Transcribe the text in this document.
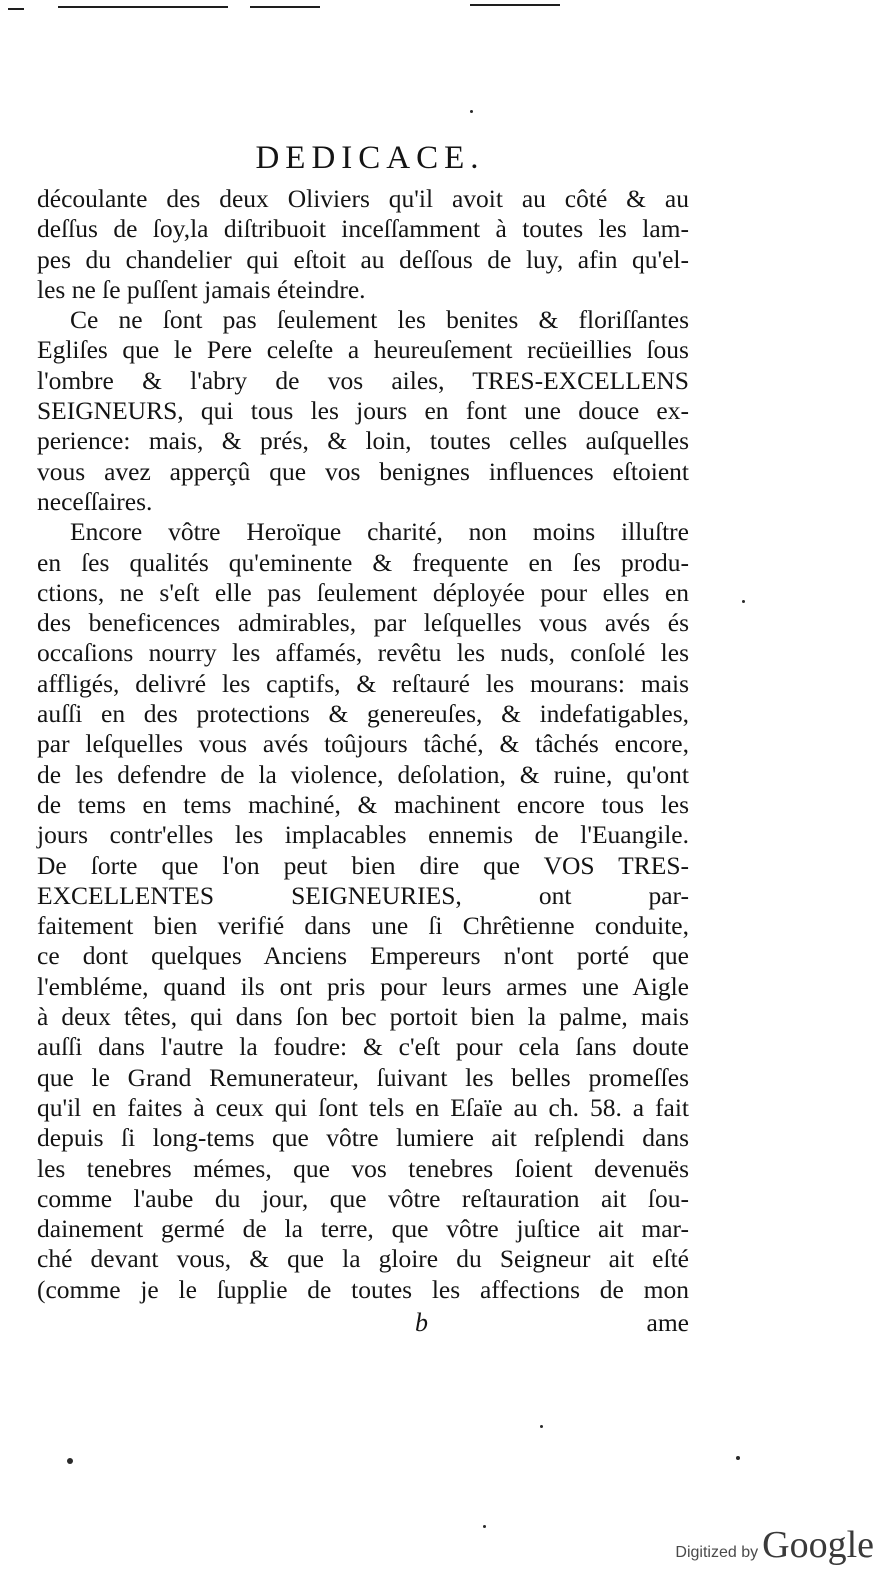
DEDICACE.
découlante des deux Oliviers qu'il avoit au côté & au
deſſus de ſoy,la diſtribuoit inceſſamment à toutes les lam-
pes du chandelier qui eſtoit au deſſous de luy, afin qu'el-
les ne ſe puſſent jamais éteindre.
Ce ne ſont pas ſeulement les benites & floriſſantes
Egliſes que le Pere celeſte a heureuſement recüeillies ſous
l'ombre & l'abry de vos ailes, TRES-EXCELLENS
SEIGNEURS, qui tous les jours en font une douce ex-
perience: mais, & prés, & loin, toutes celles auſquelles
vous avez apperçû que vos benignes influences eſtoient
neceſſaires.
Encore vôtre Heroïque charité, non moins illuſtre
en ſes qualités qu'eminente & frequente en ſes produ-
ctions, ne s'eſt elle pas ſeulement déployée pour elles en
des beneficences admirables, par leſquelles vous avés és
occaſions nourry les affamés, revêtu les nuds, conſolé les
affligés, delivré les captifs, & reſtauré les mourans: mais
auſſi en des protections & genereuſes, & indefatigables,
par leſquelles vous avés toûjours tâché, & tâchés encore,
de les defendre de la violence, deſolation, & ruine, qu'ont
de tems en tems machiné, & machinent encore tous les
jours contr'elles les implacables ennemis de l'Euangile.
De ſorte que l'on peut bien dire que VOS TRES-
EXCELLENTES SEIGNEURIES, ont par-
faitement bien verifié dans une ſi Chrêtienne conduite,
ce dont quelques Anciens Empereurs n'ont porté que
l'embléme, quand ils ont pris pour leurs armes une Aigle
à deux têtes, qui dans ſon bec portoit bien la palme, mais
auſſi dans l'autre la foudre: & c'eſt pour cela ſans doute
que le Grand Remunerateur, ſuivant les belles promeſſes
qu'il en faites à ceux qui ſont tels en Eſaïe au ch. 58. a fait
depuis ſi long-tems que vôtre lumiere ait reſplendi dans
les tenebres mémes, que vos tenebres ſoient devenuës
comme l'aube du jour, que vôtre reſtauration ait ſou-
dainement germé de la terre, que vôtre juſtice ait mar-
ché devant vous, & que la gloire du Seigneur ait eſté
(comme je le ſupplie de toutes les affections de mon
b	ame
Digitized by Google
